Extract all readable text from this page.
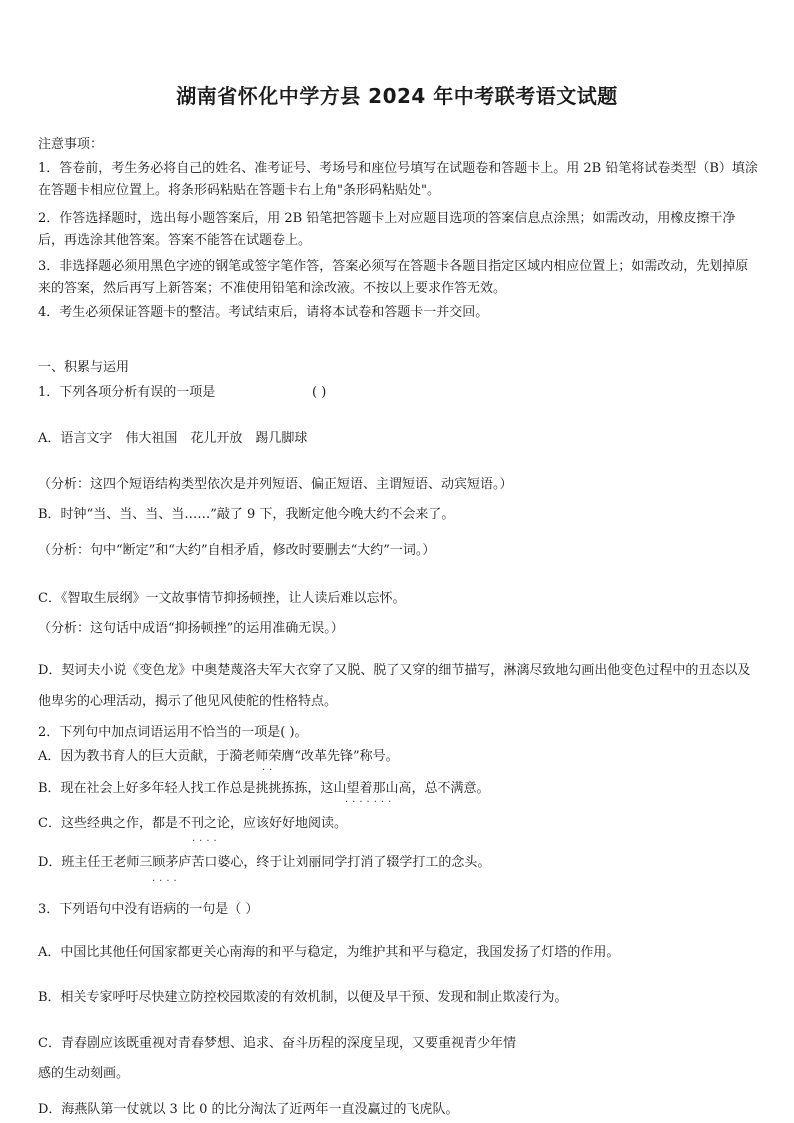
湖南省怀化中学方县 2024 年中考联考语文试题
注意事项：
1．答卷前，考生务必将自己的姓名、准考证号、考场号和座位号填写在试题卷和答题卡上。用 2B 铅笔将试卷类型（B）填涂在答题卡相应位置上。将条形码粘贴在答题卡右上角"条形码粘贴处"。
2．作答选择题时，选出每小题答案后，用 2B 铅笔把答题卡上对应题目选项的答案信息点涂黑；如需改动，用橡皮擦干净后，再选涂其他答案。答案不能答在试题卷上。
3．非选择题必须用黑色字迹的钢笔或签字笔作答，答案必须写在答题卡各题目指定区域内相应位置上；如需改动，先划掉原来的答案，然后再写上新答案；不准使用铅笔和涂改液。不按以上要求作答无效。
4．考生必须保证答题卡的整洁。考试结束后，请将本试卷和答题卡一并交回。
一、积累与运用
1．下列各项分析有误的一项是	( )
A．语言文字　伟大祖国　花儿开放　踢几脚球
（分析：这四个短语结构类型依次是并列短语、偏正短语、主谓短语、动宾短语。）
B．时钟“当、当、当、当……”敲了 9 下，我断定他今晚大约不会来了。
（分析：句中“断定”和“大约”自相矛盾，修改时要删去“大约”一词。）
C．《智取生辰纲》一文故事情节抑扬顿挫，让人读后难以忘怀。
（分析：这句话中成语“抑扬顿挫”的运用准确无误。）
D．契诃夫小说《变色龙》中奥楚蔑洛夫军大衣穿了又脱、脱了又穿的细节描写，淋漓尽致地勾画出他变色过程中的丑态以及他卑劣的心理活动，揭示了他见风使舵的性格特点。
2．下列句中加点词语运用不恰当的一项是( )。
A．因为教书育人的巨大贡献，于漪老师荣膺“改革先锋”称号。
··
B．现在社会上好多年轻人找工作总是挑挑拣拣，这山望着那山高，总不满意。
·······
C．这些经典之作，都是不刊之论，应该好好地阅读。
····
D．班主任王老师三顾茅庐苦口婆心，终于让刘丽同学打消了辍学打工的念头。
····
3．下列语句中没有语病的一句是（ ）
A．中国比其他任何国家都更关心南海的和平与稳定，为维护其和平与稳定，我国发扬了灯塔的作用。
B．相关专家呼吁尽快建立防控校园欺凌的有效机制，以便及早干预、发现和制止欺凌行为。
C．青春剧应该既重视对青春梦想、追求、奋斗历程的深度呈现，又要重视青少年情
感的生动刻画。
D．海燕队第一仗就以 3 比 0 的比分淘汰了近两年一直没赢过的飞虎队。
